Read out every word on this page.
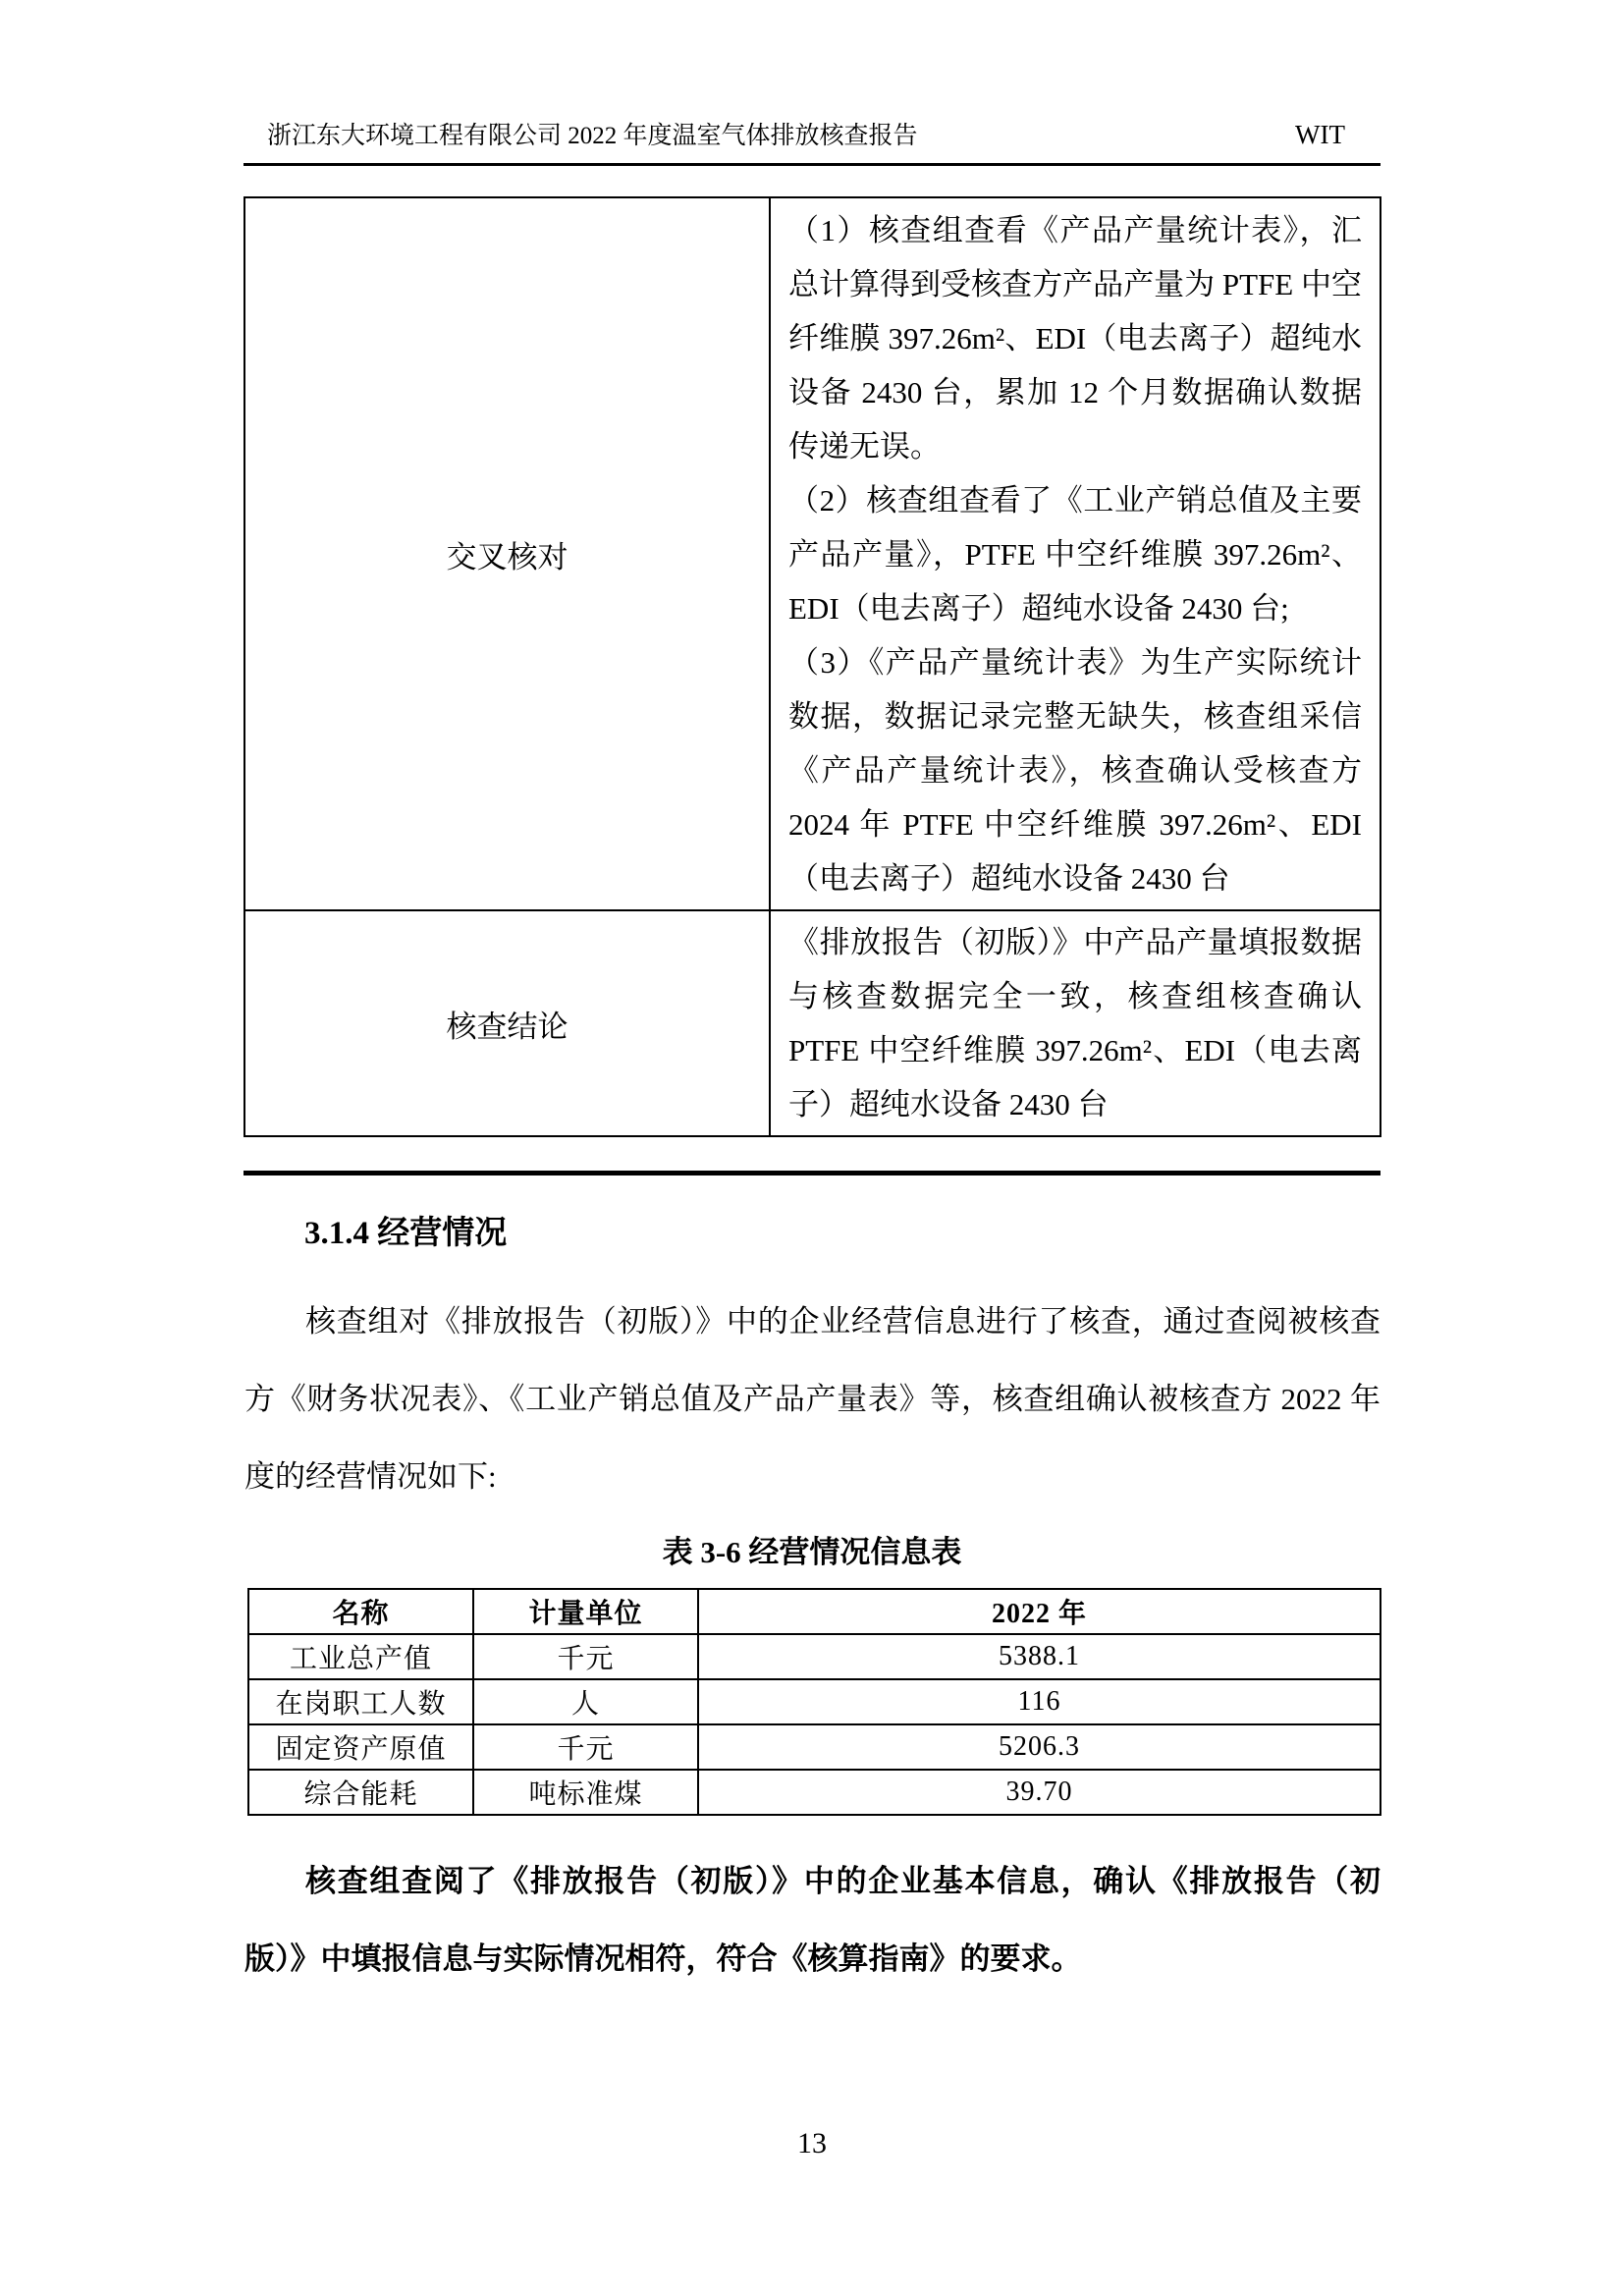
浙江东大环境工程有限公司 2022 年度温室气体排放核查报告	WIT
交叉核对	（1）核查组查看《产品产量统计表》，汇总计算得到受核查方产品产量为 PTFE 中空纤维膜 397.26m²、EDI（电去离子）超纯水设备 2430 台，累加 12 个月数据确认数据传递无误。

（2）核查组查看了《工业产销总值及主要产品产量》，PTFE 中空纤维膜 397.26m²、EDI（电去离子）超纯水设备 2430 台;

（3）《产品产量统计表》为生产实际统计数据，数据记录完整无缺失，核查组采信《产品产量统计表》，核查确认受核查方 2024 年 PTFE 中空纤维膜 397.26m²、EDI（电去离子）超纯水设备 2430 台

核查结论	《排放报告（初版）》中产品产量填报数据与核查数据完全一致，核查组核查确认 PTFE 中空纤维膜 397.26m²、EDI（电去离子）超纯水设备 2430 台

3.1.4 经营情况

核查组对《排放报告（初版）》中的企业经营信息进行了核查，通过查阅被核查方《财务状况表》、《工业产销总值及产品产量表》等，核查组确认被核查方 2022 年度的经营情况如下:

表 3-6 经营情况信息表
名称	计量单位	2022 年
工业总产值	千元	5388.1
在岗职工人数	人	116
固定资产原值	千元	5206.3
综合能耗	吨标准煤	39.70

核查组查阅了《排放报告（初版）》中的企业基本信息，确认《排放报告（初版）》中填报信息与实际情况相符，符合《核算指南》的要求。

13
